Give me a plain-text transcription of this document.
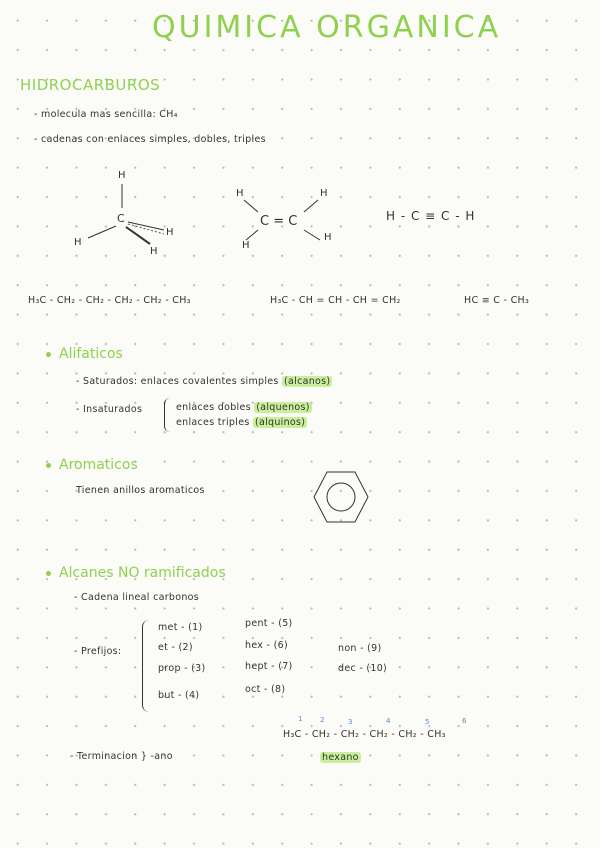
QUIMICA ORGANICA
HIDROCARBUROS
- molecula mas sencilla: CH₄
- cadenas con enlaces simples, dobles, triples
H
C
H
H
H
H	H
C = C
H
H
H - C ≡ C - H
H₃C - CH₂ - CH₂ - CH₂ - CH₂ - CH₃	H₃C - CH = CH - CH = CH₂	HC ≡ C - CH₃
Alifaticos
- Saturados: enlaces covalentes simples (alcanos)
- Insaturados	enlaces dobles (alquenos)
enlaces triples (alquinos)
Aromaticos
Tienen anillos aromaticos
Alcanes NO ramificados
- Cadena lineal carbonos
- Prefijos:
met - (1)
et - (2)
prop - (3)
but - (4)
pent - (5)
hex - (6)
hept - (7)
oct - (8)
non - (9)
dec - (10)
- Terminacion } -ano
1	2	3	4	5	6
H₃C - CH₂ - CH₂ - CH₂ - CH₂ - CH₃
hexano
